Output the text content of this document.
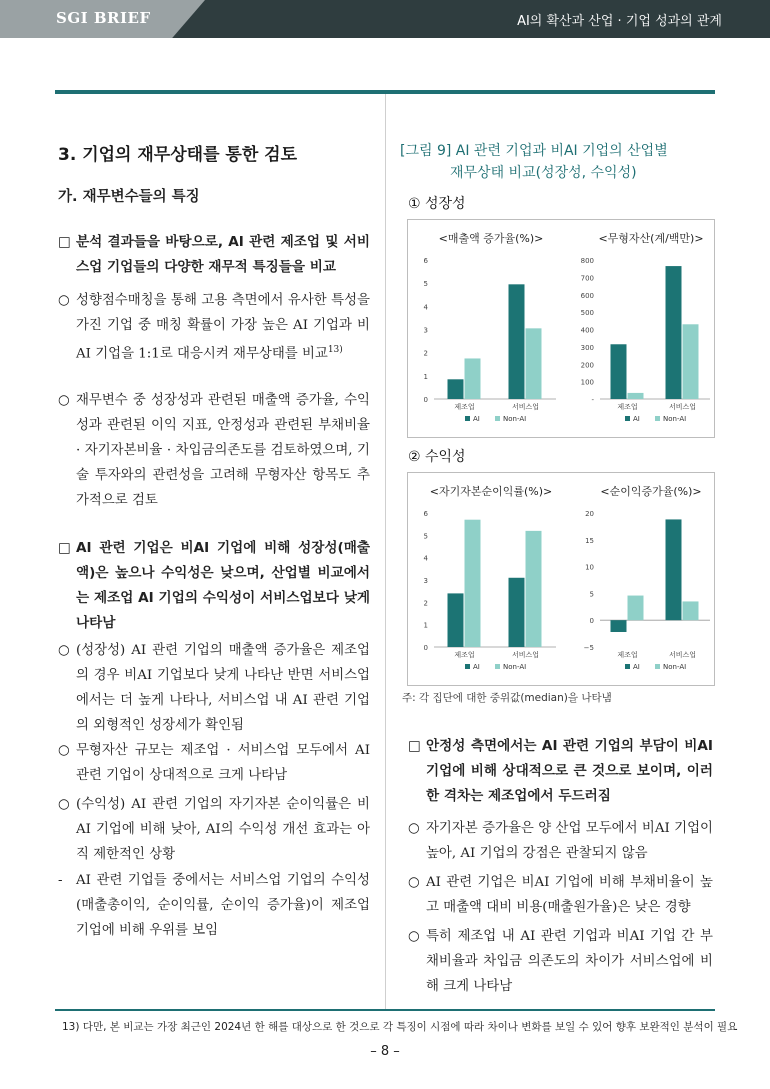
SGI BRIEF	AI의 확산과 산업 · 기업 성과의 관계
3. 기업의 재무상태를 통한 검토
가. 재무변수들의 특징
□ 분석 결과들을 바탕으로, AI 관련 제조업 및 서비스업 기업들의 다양한 재무적 특징들을 비교
○ 성향점수매칭을 통해 고용 측면에서 유사한 특성을 가진 기업 중 매칭 확률이 가장 높은 AI 기업과 비AI 기업을 1:1로 대응시켜 재무상태를 비교$^{13)}$
○ 재무변수 중 성장성과 관련된 매출액 증가율, 수익성과 관련된 이익 지표, 안정성과 관련된 부채비율 · 자기자본비율 · 차입금의존도를 검토하였으며, 기술 투자와의 관련성을 고려해 무형자산 항목도 추가적으로 검토
□ AI 관련 기업은 비AI 기업에 비해 성장성(매출액)은 높으나 수익성은 낮으며, 산업별 비교에서는 제조업 AI 기업의 수익성이 서비스업보다 낮게 나타남
○ (성장성) AI 관련 기업의 매출액 증가율은 제조업의 경우 비AI 기업보다 낮게 나타난 반면 서비스업에서는 더 높게 나타나, 서비스업 내 AI 관련 기업의 외형적인 성장세가 확인됨
○ 무형자산 규모는 제조업 · 서비스업 모두에서 AI 관련 기업이 상대적으로 크게 나타남
○ (수익성) AI 관련 기업의 자기자본 순이익률은 비AI 기업에 비해 낮아, AI의 수익성 개선 효과는 아직 제한적인 상황
-	AI 관련 기업들 중에서는 서비스업 기업의 수익성(매출총이익, 순이익률, 순이익 증가율)이 제조업 기업에 비해 우위를 보임
[그림 9] AI 관련 기업과 비AI 기업의 산업별
재무상태 비교(성장성, 수익성)
① 성장성
<매출액 증가율(%)>
0
1
2
3
4
5
6
제조업	서비스업
AI	Non-AI
<무형자산(계/백만)>
-
100
200
300
400
500
600
700
800
제조업	서비스업
AI	Non-AI
② 수익성
<자기자본순이익률(%)>
0
1
2
3
4
5
6
제조업	서비스업
AI	Non-AI
<순이익증가율(%)>
−5
0
5
10
15
20
제조업	서비스업
AI	Non-AI
주: 각 집단에 대한 중위값(median)을 나타냄
□ 안정성 측면에서는 AI 관련 기업의 부담이 비AI 기업에 비해 상대적으로 큰 것으로 보이며, 이러한 격차는 제조업에서 두드러짐
○ 자기자본 증가율은 양 산업 모두에서 비AI 기업이 높아, AI 기업의 강점은 관찰되지 않음
○ AI 관련 기업은 비AI 기업에 비해 부채비율이 높고 매출액 대비 비용(매출원가율)은 낮은 경향
○ 특히 제조업 내 AI 관련 기업과 비AI 기업 간 부채비율과 차입금 의존도의 차이가 서비스업에 비해 크게 나타남
13) 다만, 본 비교는 가장 최근인 2024년 한 해를 대상으로 한 것으로 각 특징이 시점에 따라 차이나 변화를 보일 수 있어 향후 보완적인 분석이 필요
– 8 –
